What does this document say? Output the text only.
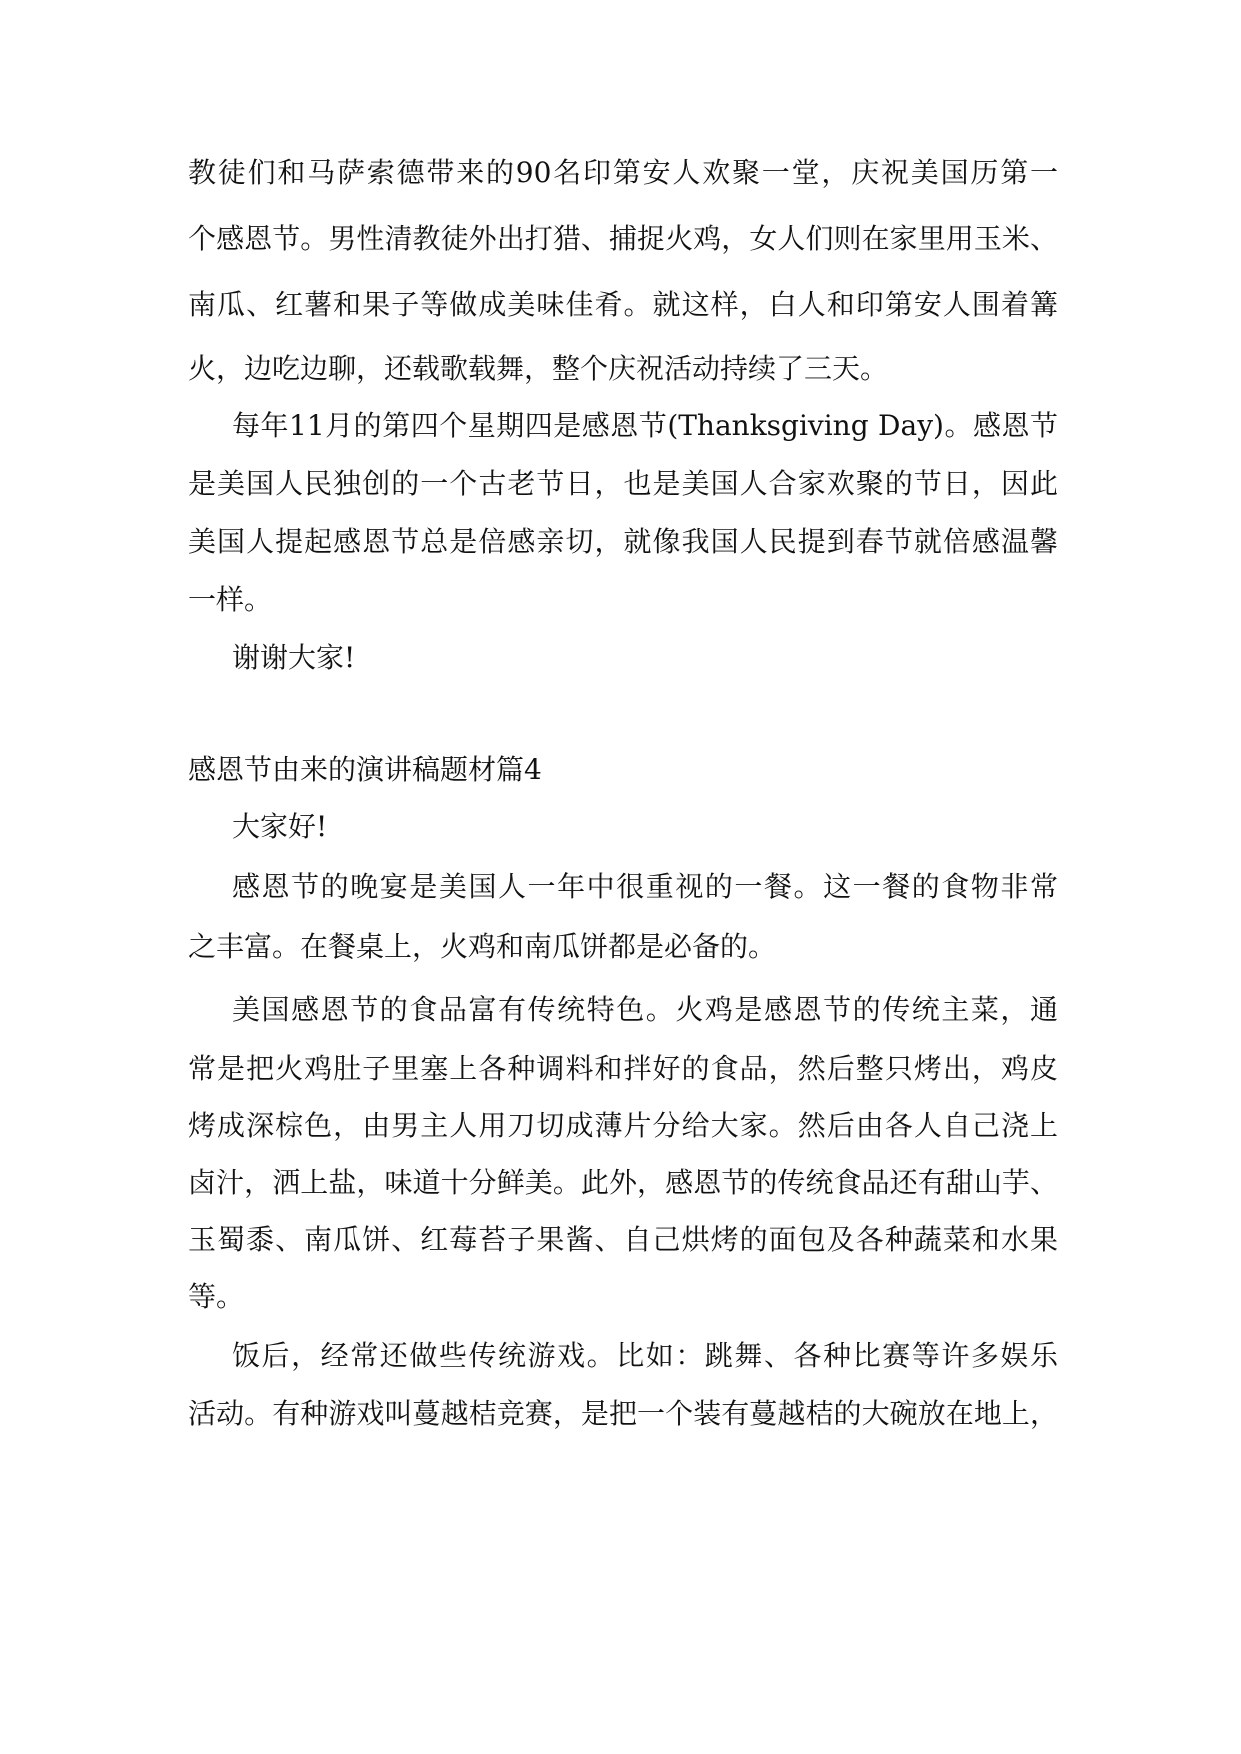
教徒们和马萨索德带来的90名印第安人欢聚一堂，庆祝美国历第一
个感恩节。男性清教徒外出打猎、捕捉火鸡，女人们则在家里用玉米、
南瓜、红薯和果子等做成美味佳肴。就这样，白人和印第安人围着篝
火，边吃边聊，还载歌载舞，整个庆祝活动持续了三天。
每年11月的第四个星期四是感恩节(Thanksgiving Day)。感恩节
是美国人民独创的一个古老节日，也是美国人合家欢聚的节日，因此
美国人提起感恩节总是倍感亲切，就像我国人民提到春节就倍感温馨
一样。
谢谢大家!
感恩节由来的演讲稿题材篇4
大家好!
感恩节的晚宴是美国人一年中很重视的一餐。这一餐的食物非常
之丰富。在餐桌上，火鸡和南瓜饼都是必备的。
美国感恩节的食品富有传统特色。火鸡是感恩节的传统主菜，通
常是把火鸡肚子里塞上各种调料和拌好的食品，然后整只烤出，鸡皮
烤成深棕色，由男主人用刀切成薄片分给大家。然后由各人自己浇上
卤汁，洒上盐，味道十分鲜美。此外，感恩节的传统食品还有甜山芋、
玉蜀黍、南瓜饼、红莓苔子果酱、自己烘烤的面包及各种蔬菜和水果
等。
饭后，经常还做些传统游戏。比如：跳舞、各种比赛等许多娱乐
活动。有种游戏叫蔓越桔竞赛，是把一个装有蔓越桔的大碗放在地上，
